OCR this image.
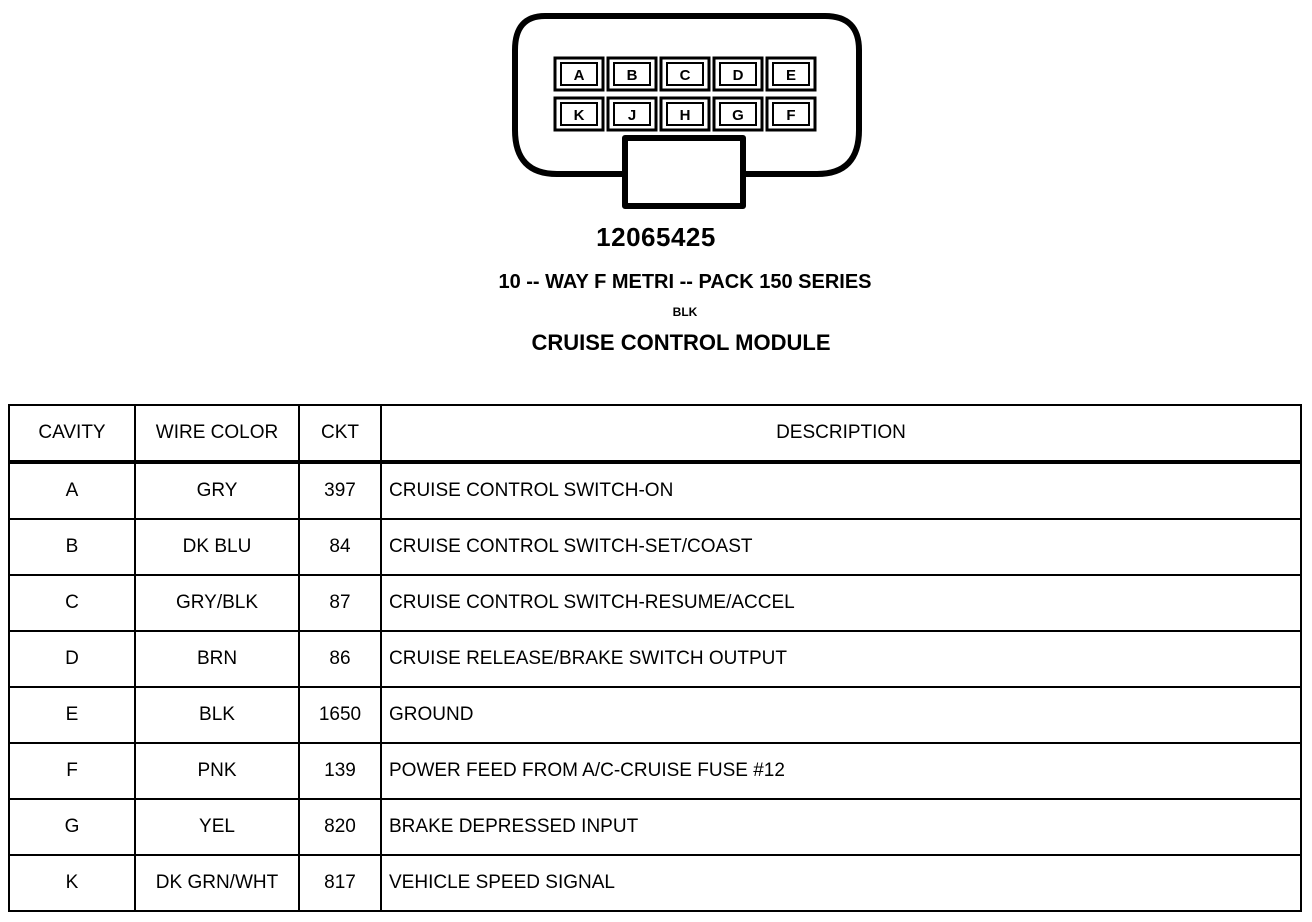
A	B	C	D	E
K	J	H	G	F
12065425
10 -- WAY F METRI -- PACK 150 SERIES
BLK
CRUISE CONTROL MODULE
CAVITY	WIRE COLOR	CKT	DESCRIPTION
A	GRY	397	CRUISE CONTROL SWITCH-ON
B	DK BLU	84	CRUISE CONTROL SWITCH-SET/COAST
C	GRY/BLK	87	CRUISE CONTROL SWITCH-RESUME/ACCEL
D	BRN	86	CRUISE RELEASE/BRAKE SWITCH OUTPUT
E	BLK	1650	GROUND
F	PNK	139	POWER FEED FROM A/C-CRUISE FUSE #12
G	YEL	820	BRAKE DEPRESSED INPUT
K	DK GRN/WHT	817	VEHICLE SPEED SIGNAL
